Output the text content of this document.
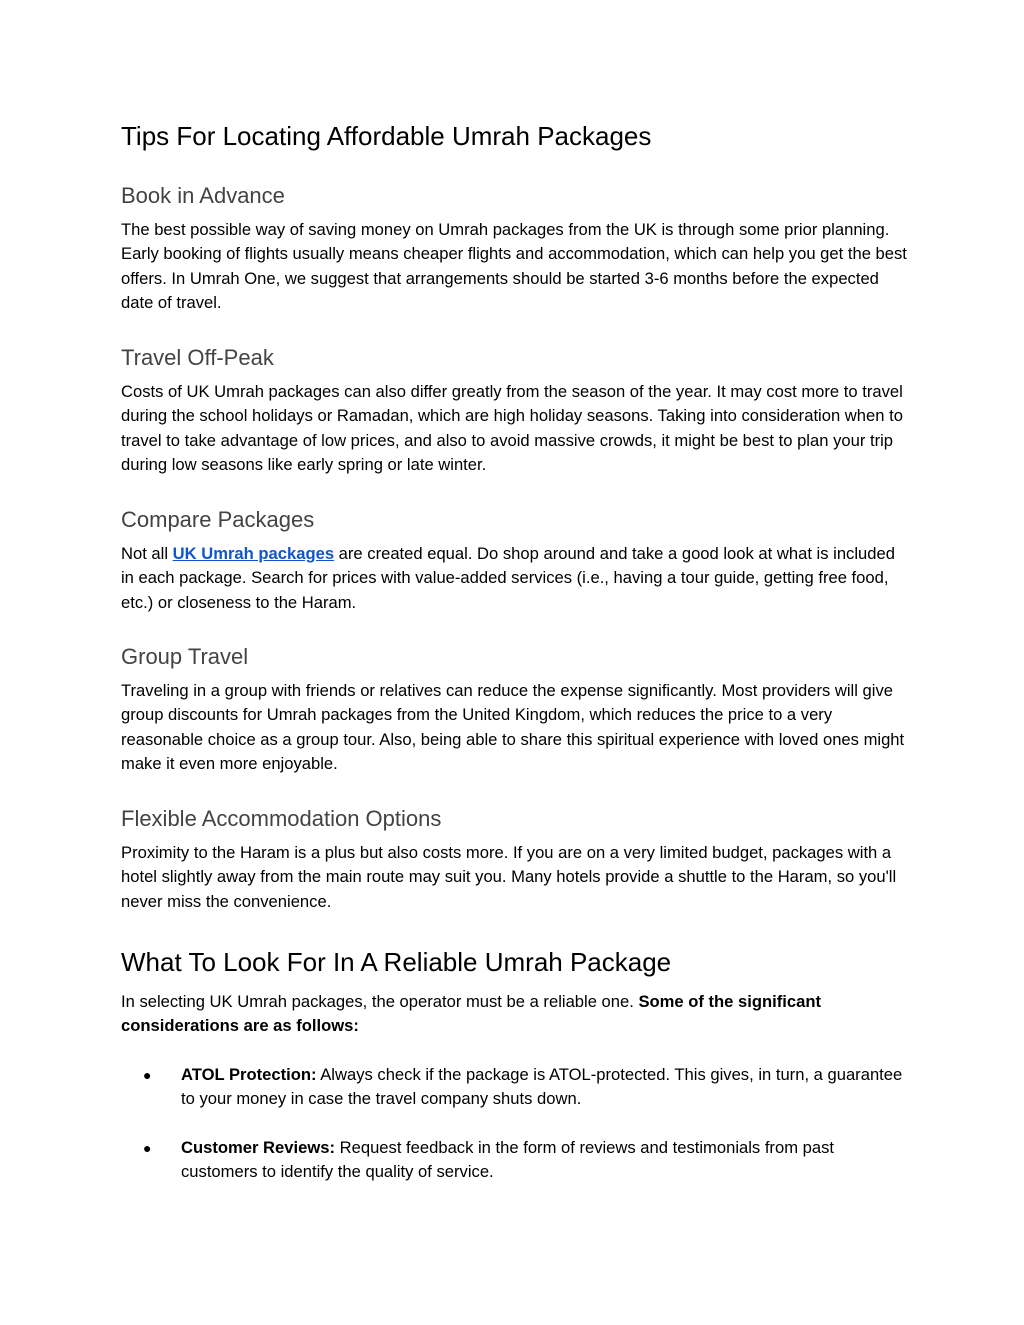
Tips For Locating Affordable Umrah Packages
Book in Advance

The best possible way of saving money on Umrah packages from the UK is through some prior planning. Early booking of flights usually means cheaper flights and accommodation, which can help you get the best offers. In Umrah One, we suggest that arrangements should be started 3-6 months before the expected date of travel.

Travel Off-Peak

Costs of UK Umrah packages can also differ greatly from the season of the year. It may cost more to travel during the school holidays or Ramadan, which are high holiday seasons. Taking into consideration when to travel to take advantage of low prices, and also to avoid massive crowds, it might be best to plan your trip during low seasons like early spring or late winter.

Compare Packages

Not all UK Umrah packages are created equal. Do shop around and take a good look at what is included in each package. Search for prices with value-added services (i.e., having a tour guide, getting free food, etc.) or closeness to the Haram.

Group Travel

Traveling in a group with friends or relatives can reduce the expense significantly. Most providers will give group discounts for Umrah packages from the United Kingdom, which reduces the price to a very reasonable choice as a group tour. Also, being able to share this spiritual experience with loved ones might make it even more enjoyable.

Flexible Accommodation Options

Proximity to the Haram is a plus but also costs more. If you are on a very limited budget, packages with a hotel slightly away from the main route may suit you. Many hotels provide a shuttle to the Haram, so you'll never miss the convenience.

What To Look For In A Reliable Umrah Package

In selecting UK Umrah packages, the operator must be a reliable one. Some of the significant considerations are as follows:

● ATOL Protection: Always check if the package is ATOL-protected. This gives, in turn, a guarantee to your money in case the travel company shuts down.
● Customer Reviews: Request feedback in the form of reviews and testimonials from past customers to identify the quality of service.
